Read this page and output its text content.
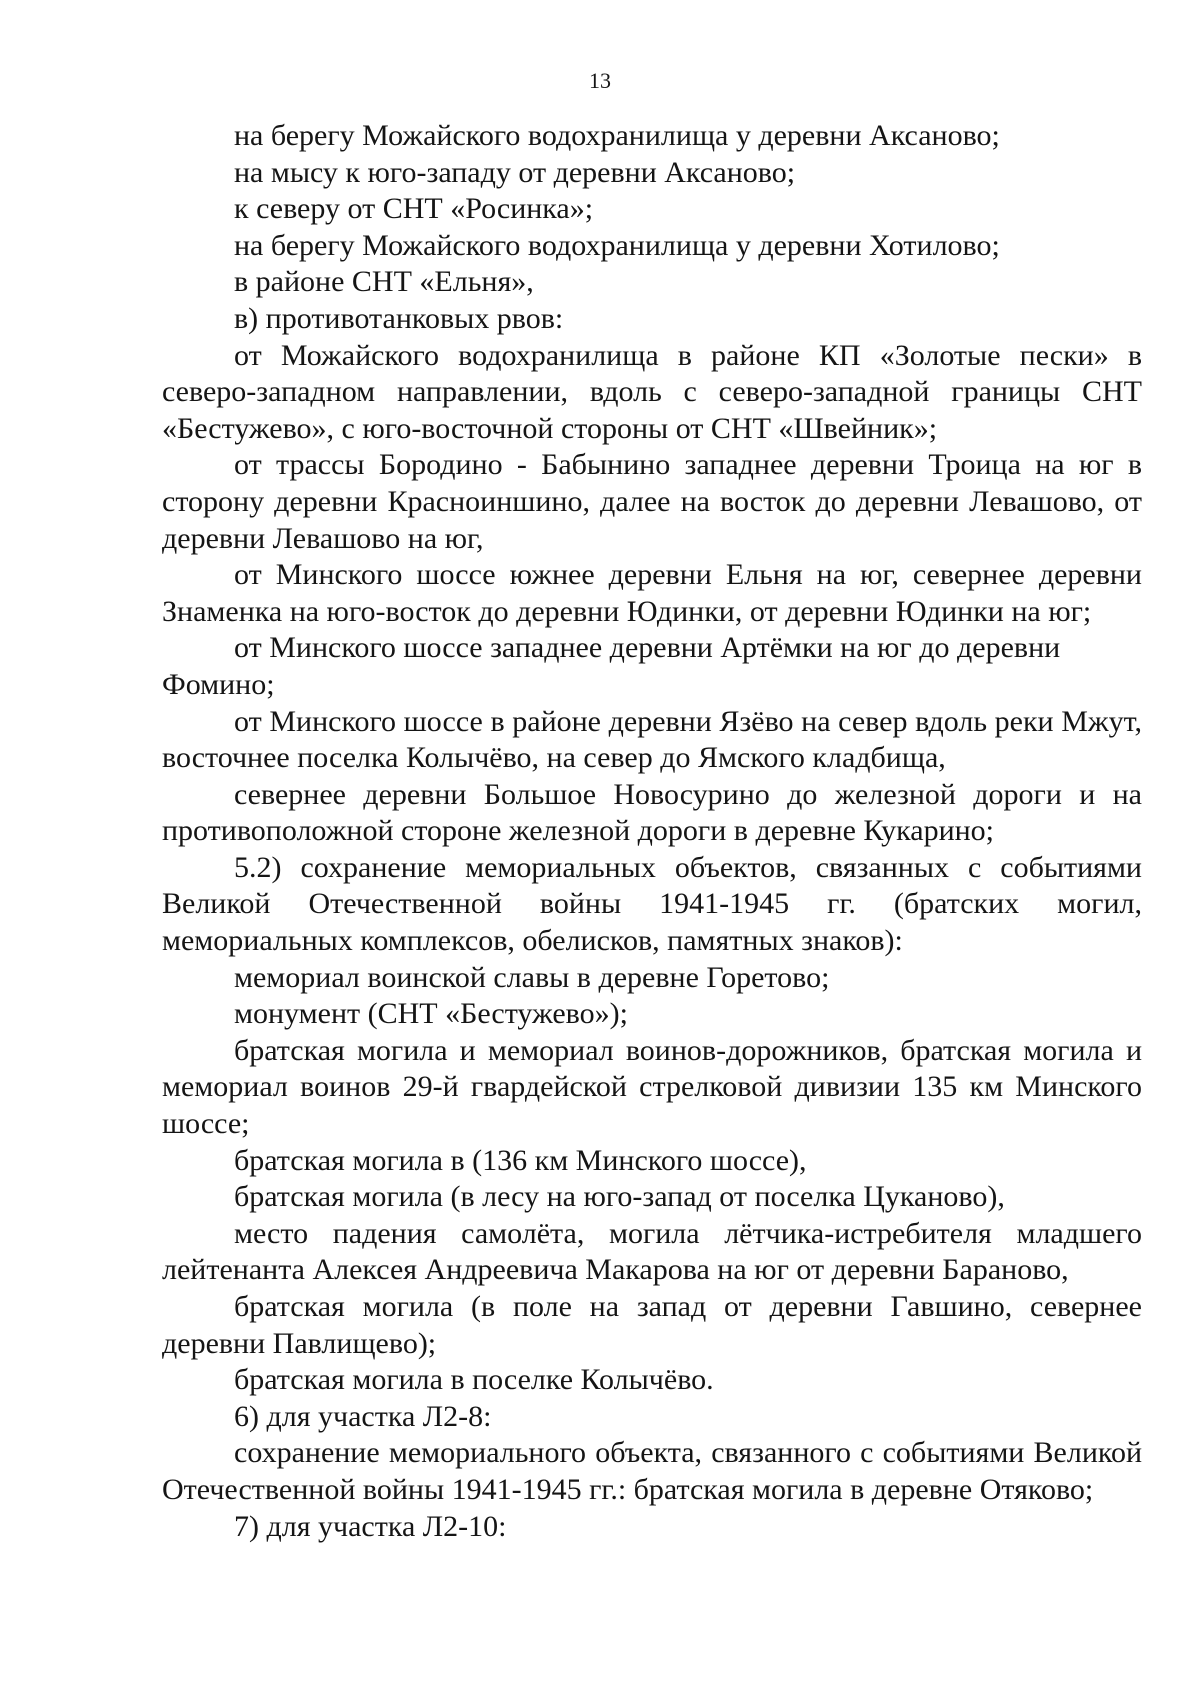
13

на берегу Можайского водохранилища у деревни Аксаново;

на мысу к юго-западу от деревни Аксаново;

к северу от СНТ «Росинка»;

на берегу Можайского водохранилища у деревни Хотилово;

в районе СНТ «Ельня»,

в) противотанковых рвов:

от Можайского водохранилища в районе КП «Золотые пески» в северо-западном направлении, вдоль с северо-западной границы СНТ «Бестужево», с юго-восточной стороны от СНТ «Швейник»;

от трассы Бородино - Бабынино западнее деревни Троица на юг в сторону деревни Красноиншино, далее на восток до деревни Левашово, от деревни Левашово на юг,

от Минского шоссе южнее деревни Ельня на юг, севернее деревни Знаменка на юго-восток до деревни Юдинки, от деревни Юдинки на юг;

от Минского шоссе западнее деревни Артёмки на юг до деревни Фомино;

от Минского шоссе в районе деревни Язёво на север вдоль реки Мжут, восточнее поселка Колычёво, на север до Ямского кладбища,

севернее деревни Большое Новосурино до железной дороги и на противоположной стороне железной дороги в деревне Кукарино;

5.2) сохранение мемориальных объектов, связанных с событиями Великой Отечественной войны 1941-1945 гг. (братских могил, мемориальных комплексов, обелисков, памятных знаков):

мемориал воинской славы в деревне Горетово;

монумент (СНТ «Бестужево»);

братская могила и мемориал воинов-дорожников, братская могила и мемориал воинов 29-й гвардейской стрелковой дивизии 135 км Минского шоссе;

братская могила в (136 км Минского шоссе),

братская могила (в лесу на юго-запад от поселка Цуканово),

место падения самолёта, могила лётчика-истребителя младшего лейтенанта Алексея Андреевича Макарова на юг от деревни Бараново,

братская могила (в поле на запад от деревни Гавшино, севернее деревни Павлищево);

братская могила в поселке Колычёво.

6) для участка Л2-8:

сохранение мемориального объекта, связанного с событиями Великой Отечественной войны 1941-1945 гг.: братская могила в деревне Отяково;

7) для участка Л2-10:
